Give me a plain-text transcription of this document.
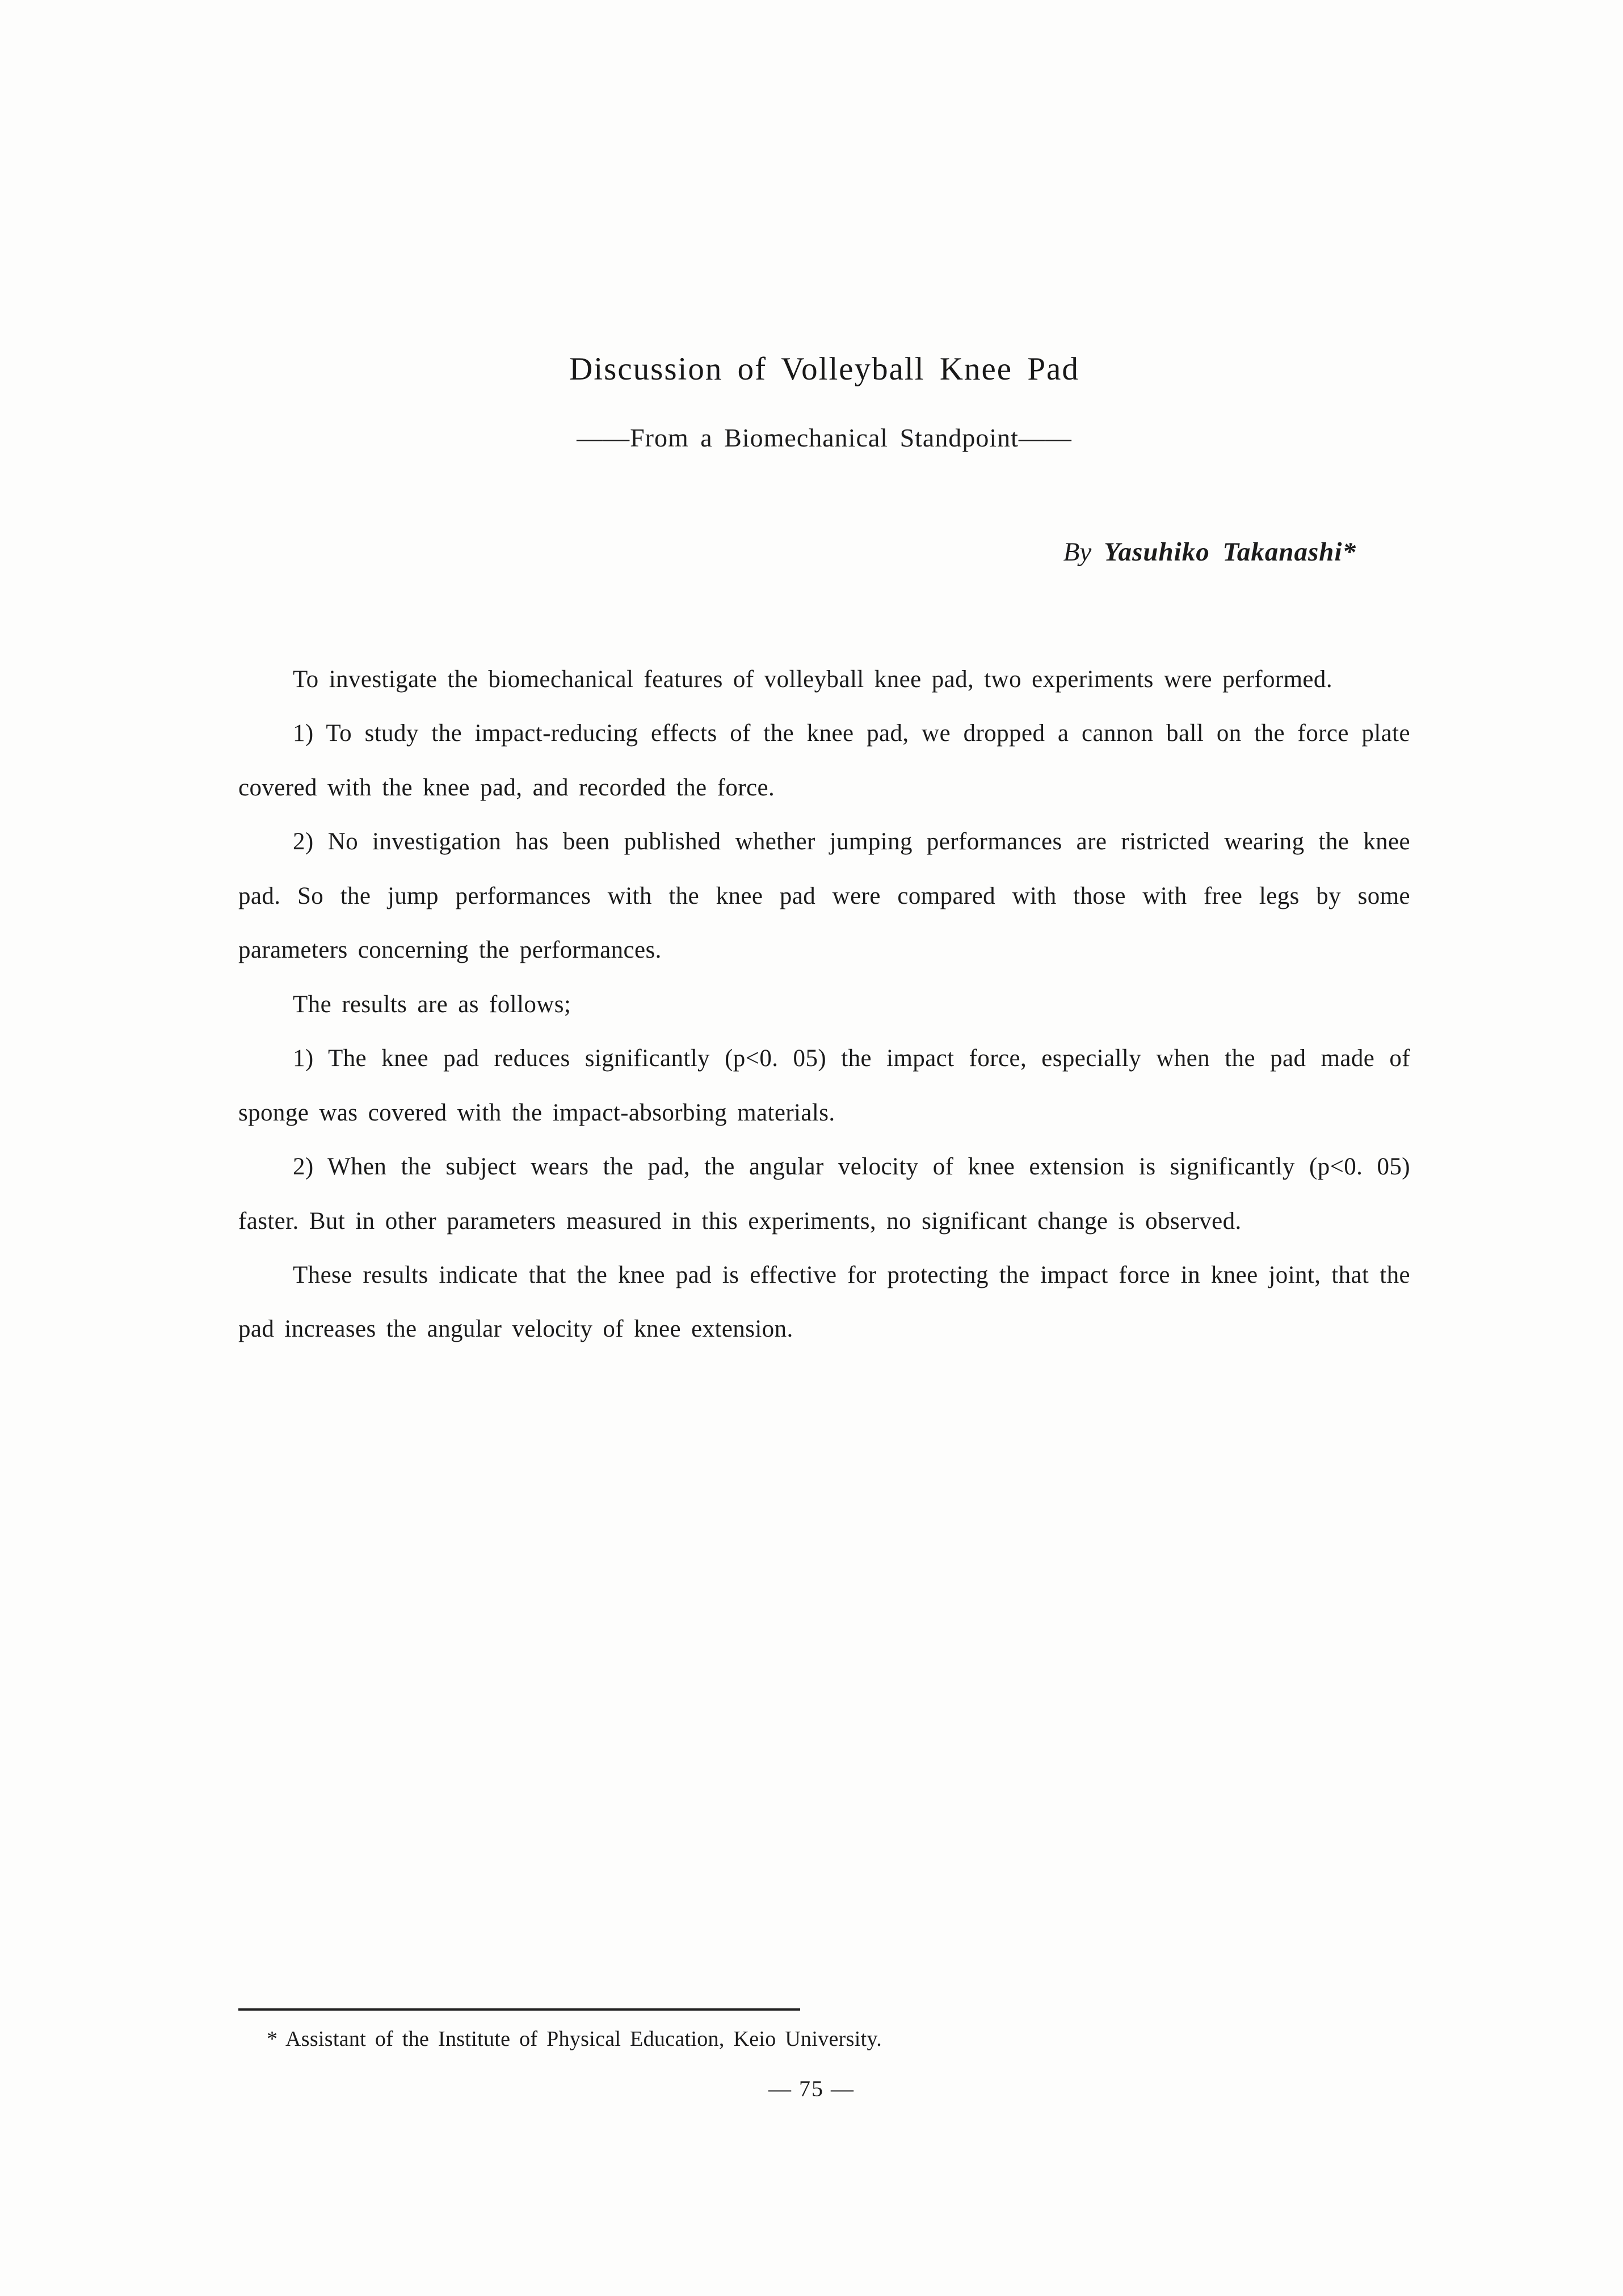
Discussion of Volleyball Knee Pad
——From a Biomechanical Standpoint——
By Yasuhiko Takanashi*

To investigate the biomechanical features of volleyball knee pad, two experiments were performed.

1) To study the impact-reducing effects of the knee pad, we dropped a cannon ball on the force plate covered with the knee pad, and recorded the force.

2) No investigation has been published whether jumping performances are ristricted wearing the knee pad. So the jump performances with the knee pad were compared with those with free legs by some parameters concerning the performances.

The results are as follows;

1) The knee pad reduces significantly (p<0. 05) the impact force, especially when the pad made of sponge was covered with the impact-absorbing materials.

2) When the subject wears the pad, the angular velocity of knee extension is significantly (p<0. 05) faster. But in other parameters measured in this experiments, no significant change is observed.

These results indicate that the knee pad is effective for protecting the impact force in knee joint, that the pad increases the angular velocity of knee extension.

* Assistant of the Institute of Physical Education, Keio University.
— 75 —
